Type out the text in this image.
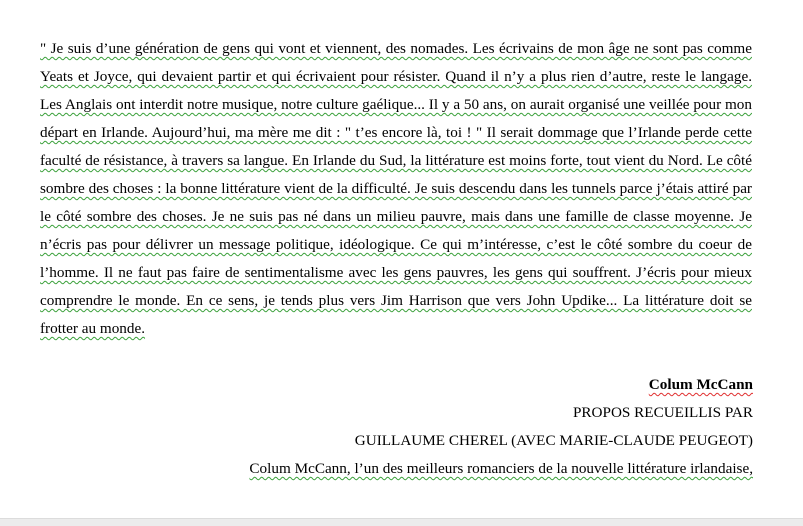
" Je suis d’une génération de gens qui vont et viennent, des nomades. Les écrivains de mon âge ne sont pas comme Yeats et Joyce, qui devaient partir et qui écrivaient pour résister. Quand il n’y a plus rien d’autre, reste le langage. Les Anglais ont interdit notre musique, notre culture gaélique... Il y a 50 ans, on aurait organisé une veillée pour mon départ en Irlande. Aujourd’hui, ma mère me dit : " t’es encore là, toi ! " Il serait dommage que l’Irlande perde cette faculté de résistance, à travers sa langue. En Irlande du Sud, la littérature est moins forte, tout vient du Nord. Le côté sombre des choses : la bonne littérature vient de la difficulté. Je suis descendu dans les tunnels parce j’étais attiré par le côté sombre des choses. Je ne suis pas né dans un milieu pauvre, mais dans une famille de classe moyenne. Je n’écris pas pour délivrer un message politique, idéologique. Ce qui m’intéresse, c’est le côté sombre du coeur de l’homme. Il ne faut pas faire de sentimentalisme avec les gens pauvres, les gens qui souffrent. J’écris pour mieux comprendre le monde. En ce sens, je tends plus vers Jim Harrison que vers John Updike... La littérature doit se frotter au monde.

Colum McCann

PROPOS RECUEILLIS PAR

GUILLAUME CHEREL (AVEC MARIE-CLAUDE PEUGEOT)

Colum McCann, l’un des meilleurs romanciers de la nouvelle littérature irlandaise,
